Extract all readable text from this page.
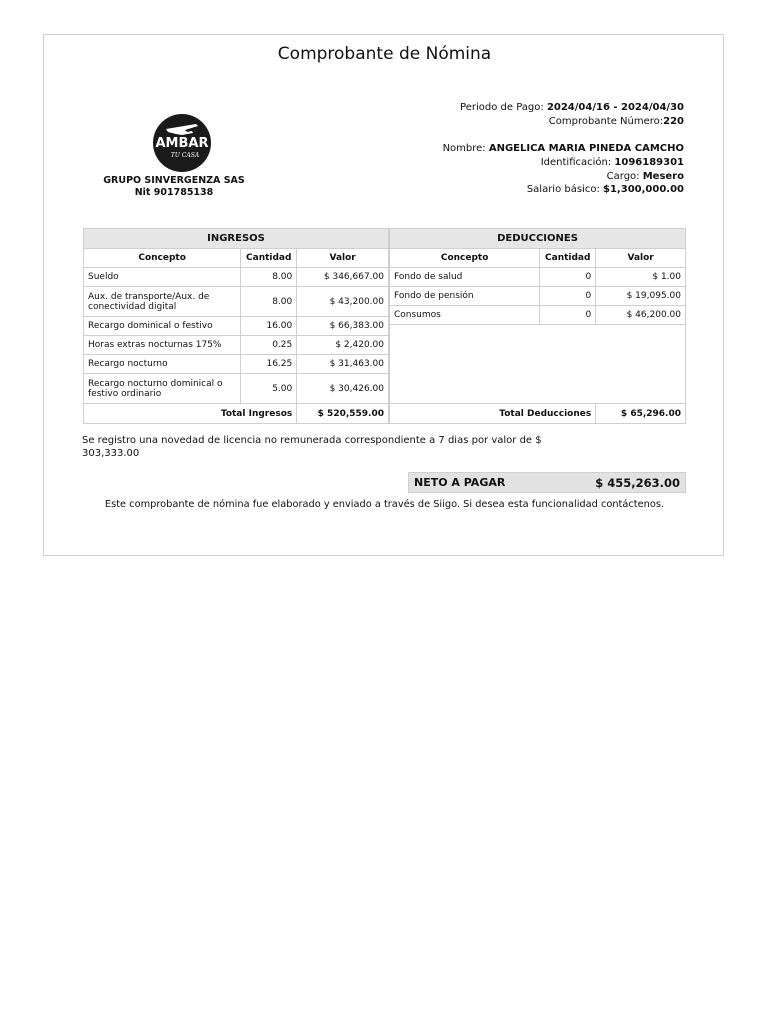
Comprobante de Nómina
AMBAR
TU CASA
GRUPO SINVERGENZA SAS
Nit 901785138
Periodo de Pago: 2024/04/16 - 2024/04/30
Comprobante Número:220
Nombre: ANGELICA MARIA PINEDA CAMCHO
Identificación: 1096189301
Cargo: Mesero
Salario básico: $1,300,000.00
INGRESOS		
Concepto	Cantidad	Valor
Sueldo	8.00	$ 346,667.00
Aux. de transporte/Aux. de conectividad digital	8.00	$ 43,200.00
Recargo dominical o festivo	16.00	$ 66,383.00
Horas extras nocturnas 175%	0.25	$ 2,420.00
Recargo nocturno	16.25	$ 31,463.00
Recargo nocturno dominical o festivo ordinario	5.00	$ 30,426.00
Total Ingresos		$ 520,559.00
DEDUCCIONES		
Concepto	Cantidad	Valor
Fondo de salud	0	$ 1.00
Fondo de pensión	0	$ 19,095.00
Consumos	0	$ 46,200.00

Total Deducciones		$ 65,296.00
Se registro una novedad de licencia no remunerada correspondiente a 7 dias por valor de $ 303,333.00
NETO A PAGAR	$ 455,263.00
Este comprobante de nómina fue elaborado y enviado a través de Siigo. Si desea esta funcionalidad contáctenos.
